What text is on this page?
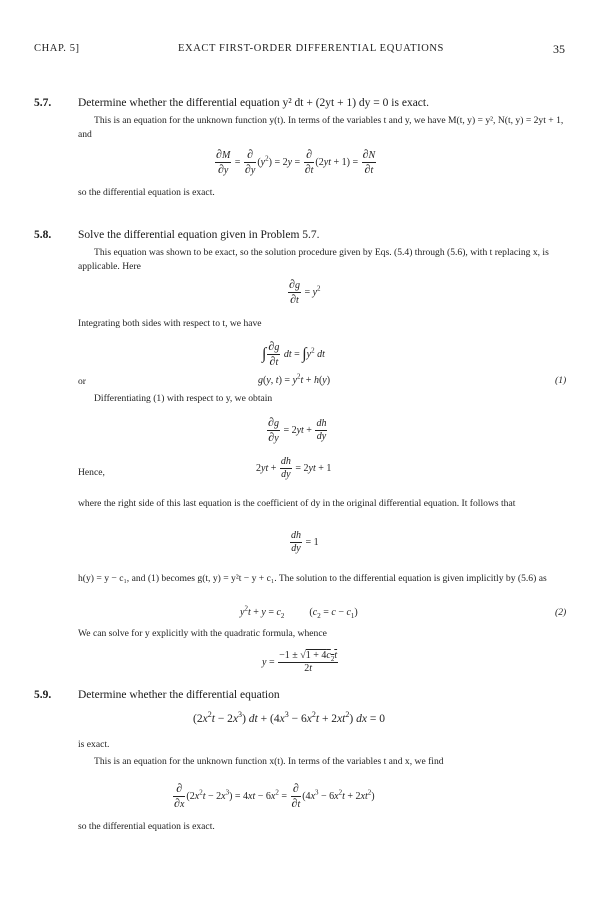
CHAP. 5]	EXACT FIRST-ORDER DIFFERENTIAL EQUATIONS	35
5.7. Determine whether the differential equation y² dt + (2yt + 1) dy = 0 is exact.
This is an equation for the unknown function y(t). In terms of the variables t and y, we have M(t, y) = y², N(t, y) = 2yt + 1, and
$\frac{\partial M}{\partial y} = \frac{\partial}{\partial y} (y^2) = 2y = \frac{\partial}{\partial t} (2yt + 1) = \frac{\partial N}{\partial t}$
so the differential equation is exact.
5.8. Solve the differential equation given in Problem 5.7.
This equation was shown to be exact, so the solution procedure given by Eqs. (5.4) through (5.6), with t replacing x, is applicable. Here
$\frac{\partial g}{\partial t} = y^2$
Integrating both sides with respect to t, we have
∫ $\frac{\partial g}{\partial t}$ dt = $\int y^2$ dt
or	g(y, $t) = y^2t + h(y)$	(1)
Differentiating (1) with respect to y, we obtain
$\frac{\partial g}{\partial y} = 2yt + \frac{dh}{dy}$
Hence,	$2yt + \frac{dh}{dy} = 2yt + 1$
where the right side of this last equation is the coefficient of dy in the original differential equation. It follows that
$\frac{dh}{dy} = 1$
h(y) = y − c₁, and (1) becomes g(t, y) = y²t − y + c₁. The solution to the differential equation is given implicitly by (5.6) as
$y^2t + y = c_2$          $(c_2 = c - c_1)$	(2)
We can solve for y explicitly with the quadratic formula, whence
$y = \frac{-1 \pm √1 + 4c_2t}{2t}$
5.9. Determine whether the differential equation
$(2x^2t - 2x^3)$ dt + $(4x^3 - 6x^2t + 2xt^2)$ dx = 0
is exact.
This is an equation for the unknown function x(t). In terms of the variables t and x, we find
$\frac{\partial}{\partial x} (2x^2t - 2x^3) = 4xt - 6x^2 = \frac{\partial}{\partial t} (4x^3 - 6x^2t + 2xt^2)$
so the differential equation is exact.
